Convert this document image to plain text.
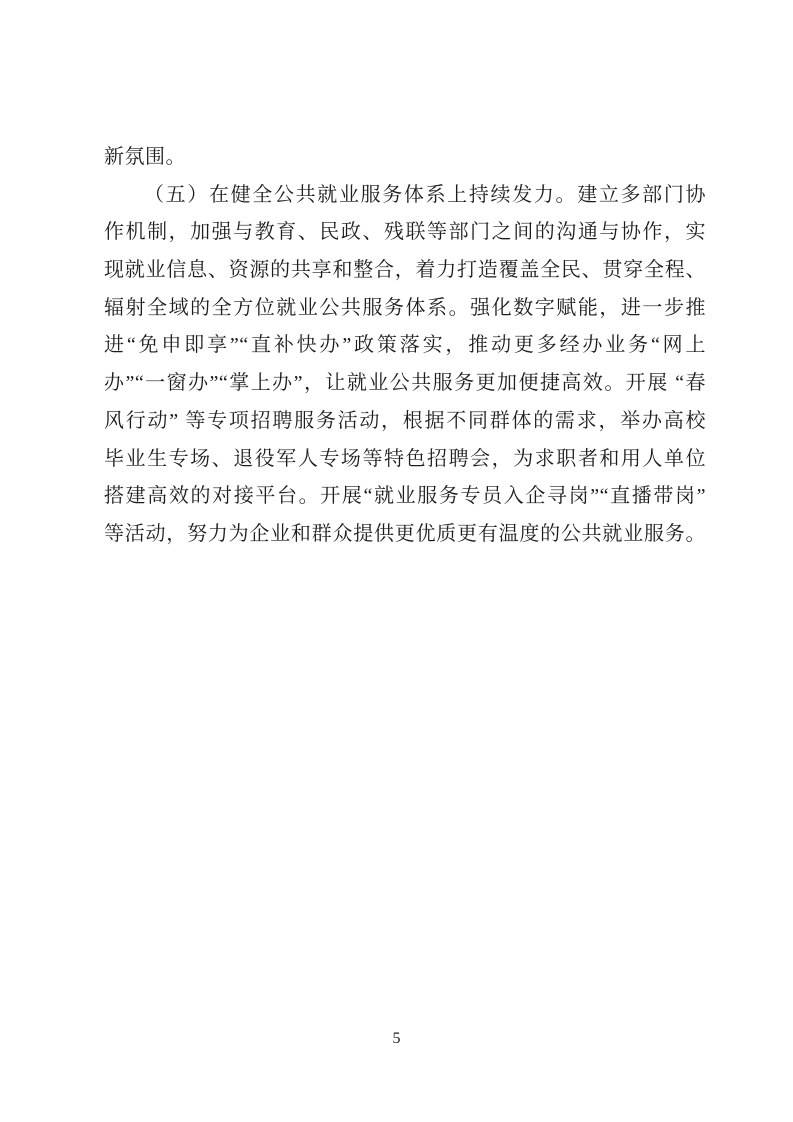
新氛围。
（五）在健全公共就业服务体系上持续发力。建立多部门协
作机制，加强与教育、民政、残联等部门之间的沟通与协作，实
现就业信息、资源的共享和整合，着力打造覆盖全民、贯穿全程、
辐射全域的全方位就业公共服务体系。强化数字赋能，进一步推
进“免申即享”“直补快办”政策落实，推动更多经办业务“网上
办”“一窗办”“掌上办”，让就业公共服务更加便捷高效。开展 “春
风行动” 等专项招聘服务活动，根据不同群体的需求，举办高校
毕业生专场、退役军人专场等特色招聘会，为求职者和用人单位
搭建高效的对接平台。开展“就业服务专员入企寻岗”“直播带岗”
等活动，努力为企业和群众提供更优质更有温度的公共就业服务。
5
